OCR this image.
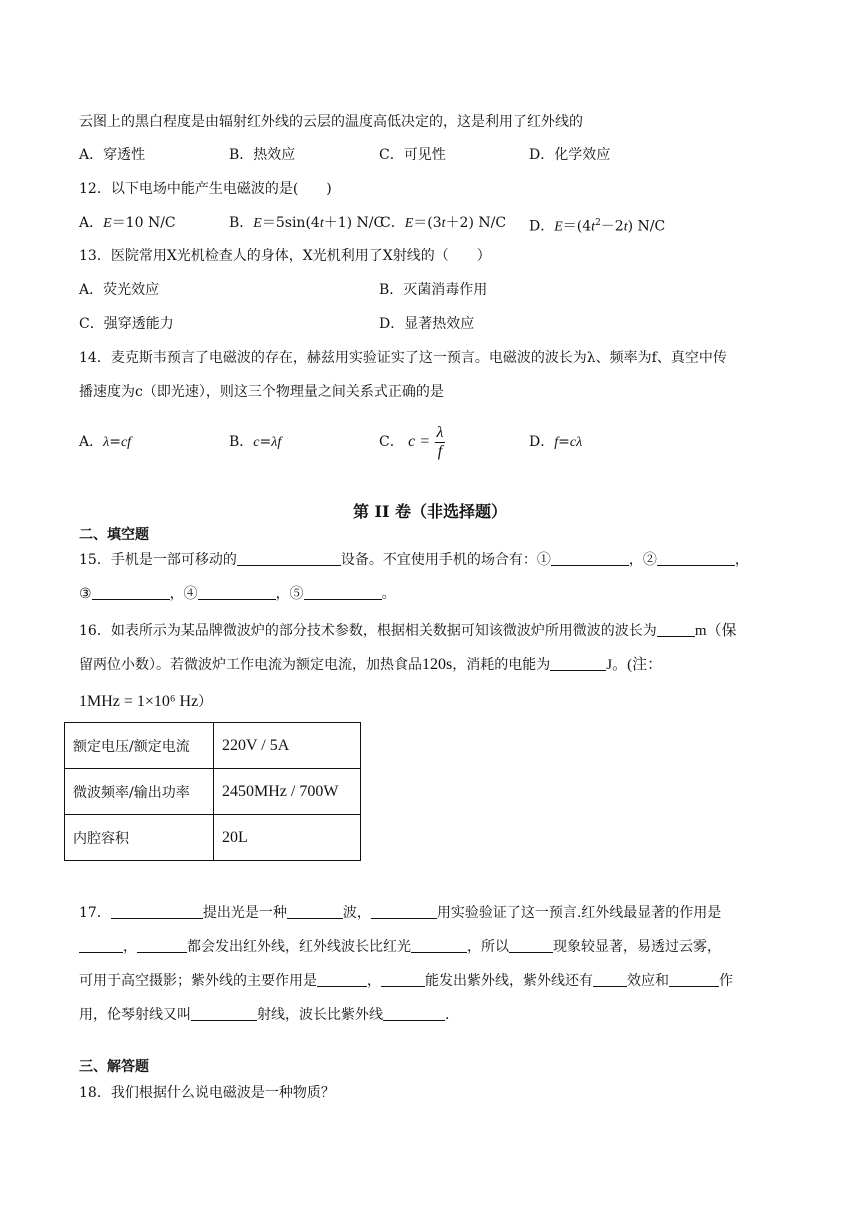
云图上的黑白程度是由辐射红外线的云层的温度高低决定的，这是利用了红外线的
A．穿透性	B．热效应	C．可见性	D．化学效应
12．以下电场中能产生电磁波的是(　　)
A．E＝10 N/C	B．E＝5sin(4t＋1) N/C
C．E＝(3t＋2) N/C D．$E=(4t^2-2t)$ N/C
13．医院常用X光机检查人的身体，X光机利用了X射线的（　　）
A．荧光效应	B．灭菌消毒作用
C．强穿透能力	D．显著热效应
14．麦克斯韦预言了电磁波的存在，赫兹用实验证实了这一预言。电磁波的波长为λ、频率为f、真空中传
播速度为c（即光速），则这三个物理量之间关系式正确的是
A．λ=cf	B．c=λf	C． $c = \frac{\lambda}{f}$	D．f=cλ
第 II 卷（非选择题）
二、填空题
15．手机是一部可移动的	设备。不宜使用手机的场合有：①	，②	，
③	，④	，⑤	。
16．如表所示为某品牌微波炉的部分技术参数，根据相关数据可知该微波炉所用微波的波长为	m（保
留两位小数）。若微波炉工作电流为额定电流，加热食品120s，消耗的电能为	J。(注：
1MHz = 1×10⁶ Hz）
额定电压/额定电流	220V / 5A
微波频率/输出功率	2450MHz / 700W
内腔容积	20L
17．	提出光是一种	波，	用实验验证了这一预言.红外线最显著的作用是
，	都会发出红外线，红外线波长比红光	，所以	现象较显著，易透过云雾，
可用于高空摄影；紫外线的主要作用是	，	能发出紫外线，紫外线还有 效应和	作
用，伦琴射线又叫	射线，波长比紫外线	.
三、解答题
18．我们根据什么说电磁波是一种物质？
